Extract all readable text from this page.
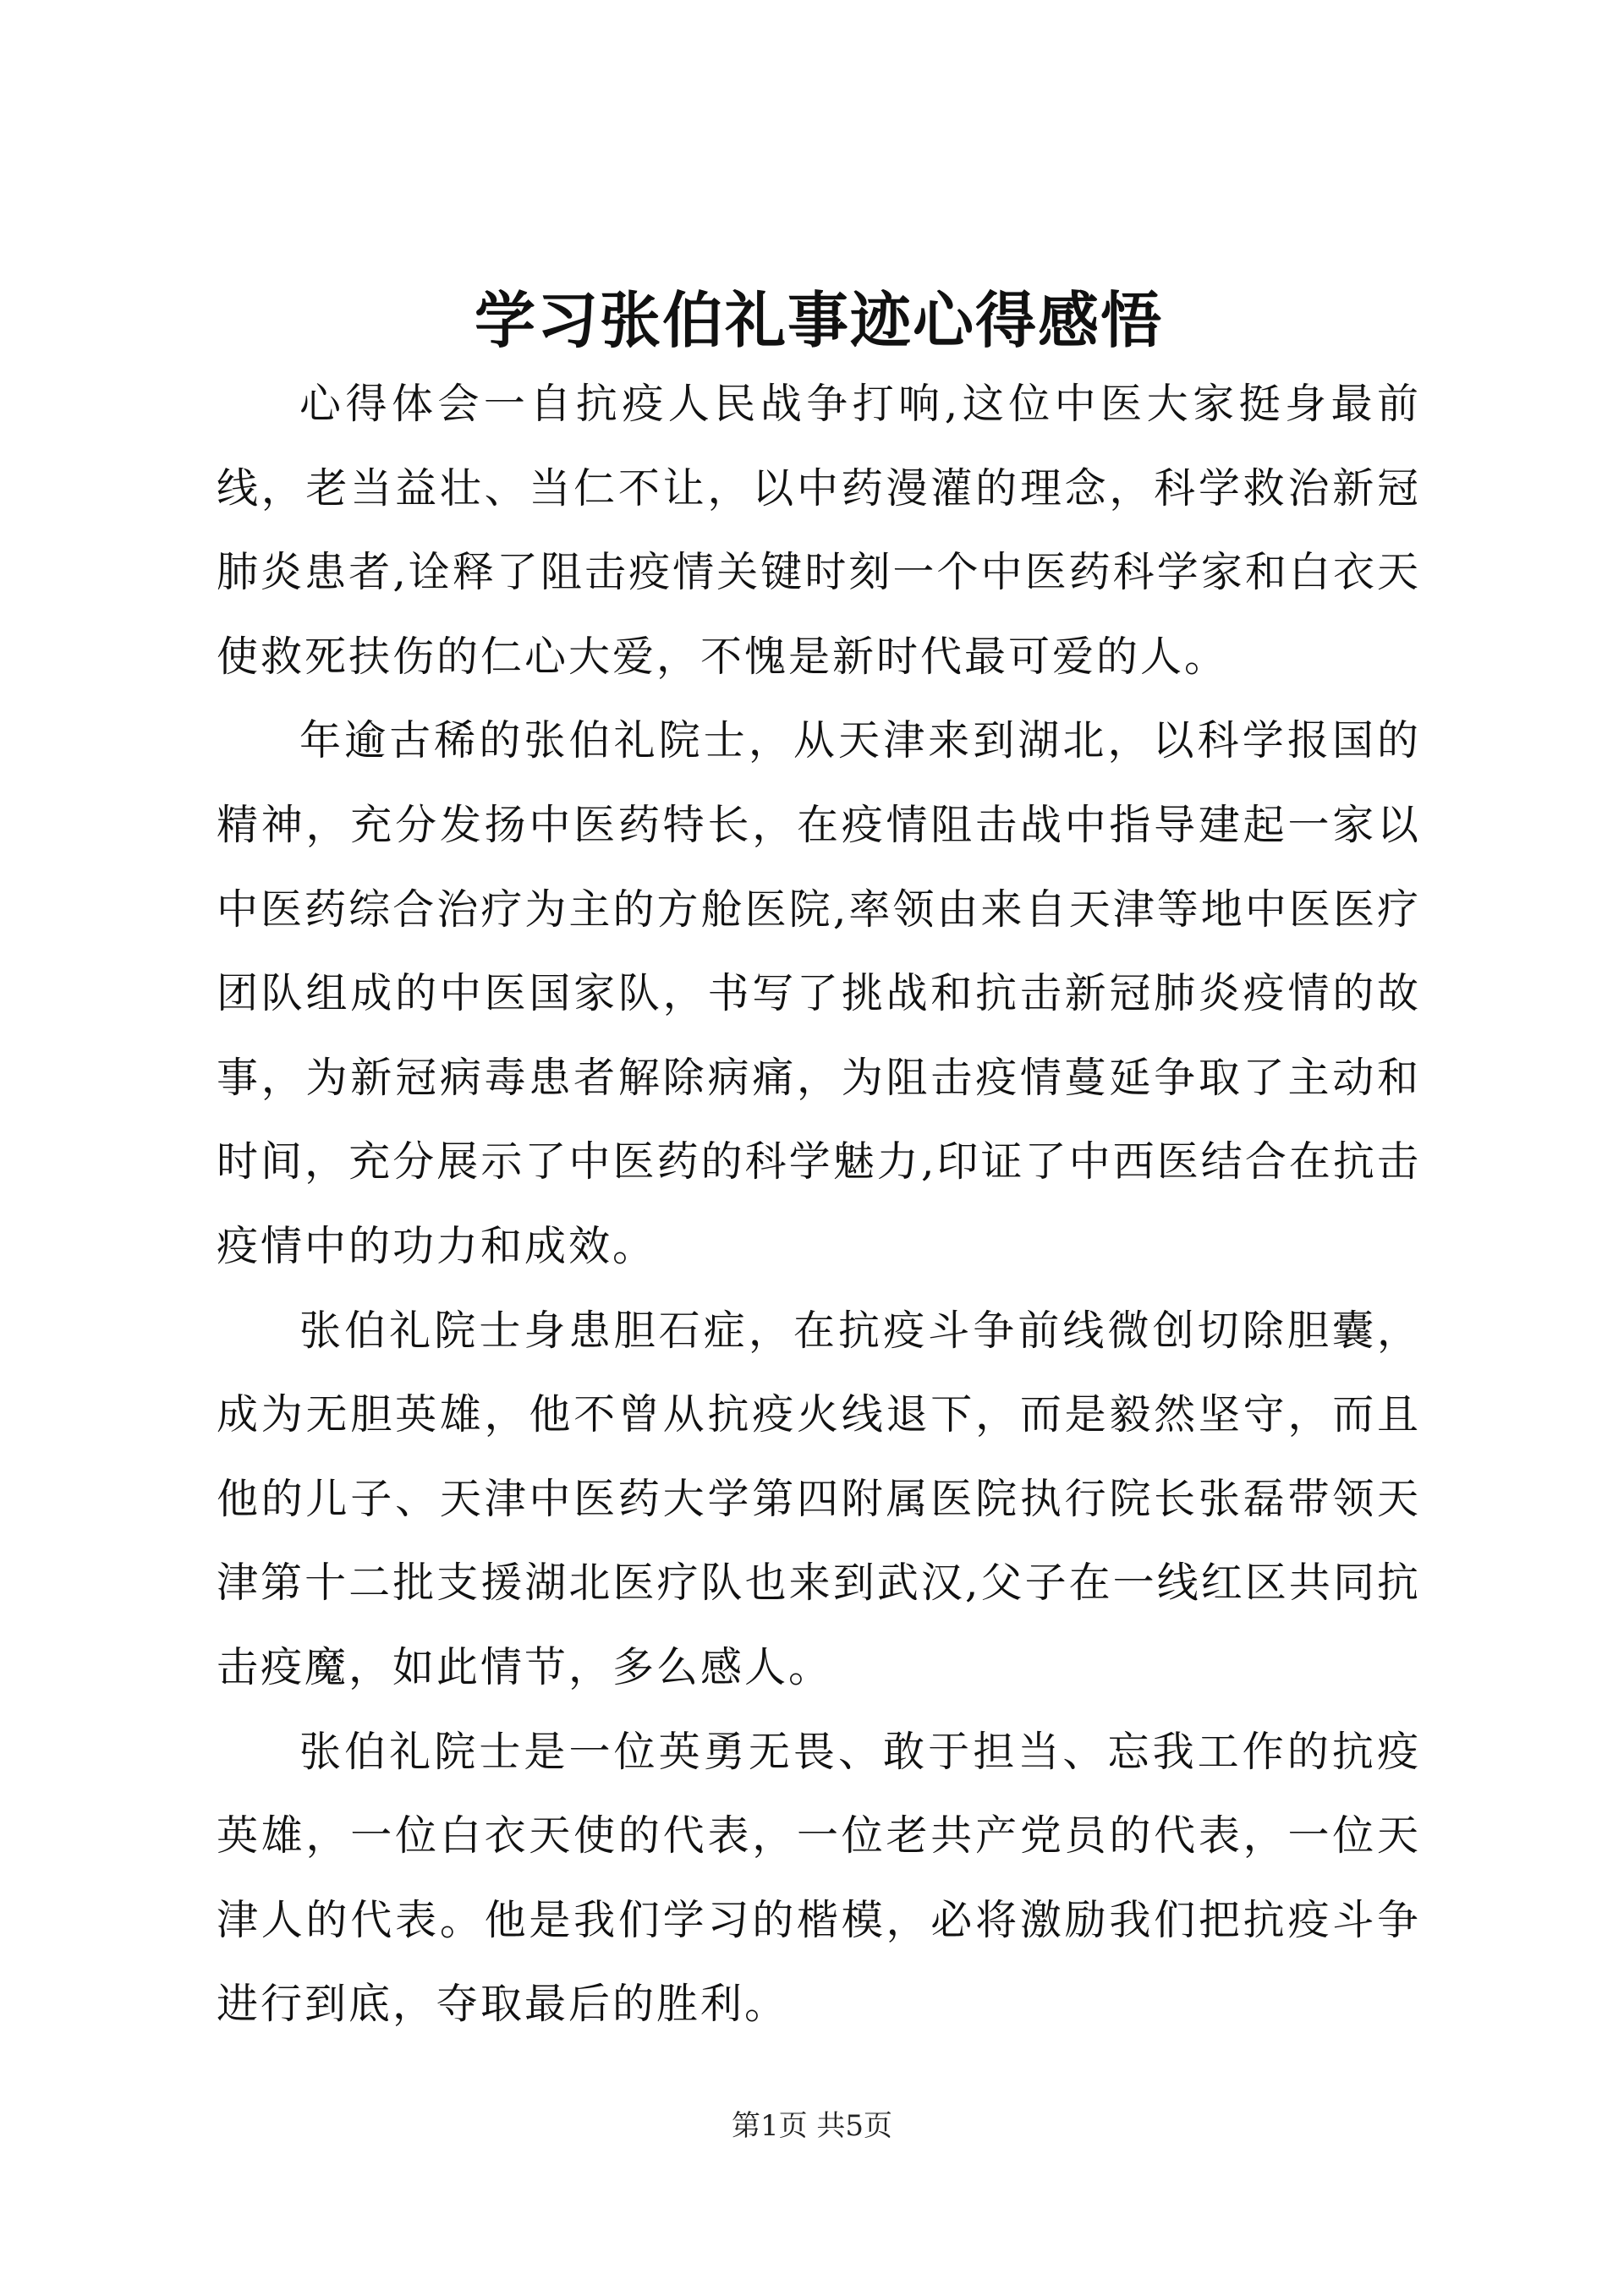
学习张伯礼事迹心得感悟

心得体会一自抗疫人民战争打响,这位中医大家挺身最前线，老当益壮、当仁不让，以中药漫灌的理念，科学救治新冠肺炎患者,诠释了阻击疫情关键时刻一个中医药科学家和白衣天使救死扶伤的仁心大爱，不愧是新时代最可爱的人。

年逾古稀的张伯礼院士，从天津来到湖北，以科学报国的精神，充分发扬中医药特长，在疫情阻击战中指导建起一家以中医药综合治疗为主的方舱医院,率领由来自天津等地中医医疗团队组成的中医国家队，书写了挑战和抗击新冠肺炎疫情的故事，为新冠病毒患者解除病痛，为阻击疫情蔓延争取了主动和时间，充分展示了中医药的科学魅力,印证了中西医结合在抗击疫情中的功力和成效。

张伯礼院士身患胆石症，在抗疫斗争前线微创切除胆囊，成为无胆英雄，他不曾从抗疫火线退下，而是毅然坚守，而且他的儿子、天津中医药大学第四附属医院执行院长张磊带领天津第十二批支援湖北医疗队也来到武汉,父子在一线红区共同抗击疫魔，如此情节，多么感人。

张伯礼院士是一位英勇无畏、敢于担当、忘我工作的抗疫英雄，一位白衣天使的代表，一位老共产党员的代表，一位天津人的代表。他是我们学习的楷模，必将激励我们把抗疫斗争进行到底，夺取最后的胜利。

第1页 共5页
